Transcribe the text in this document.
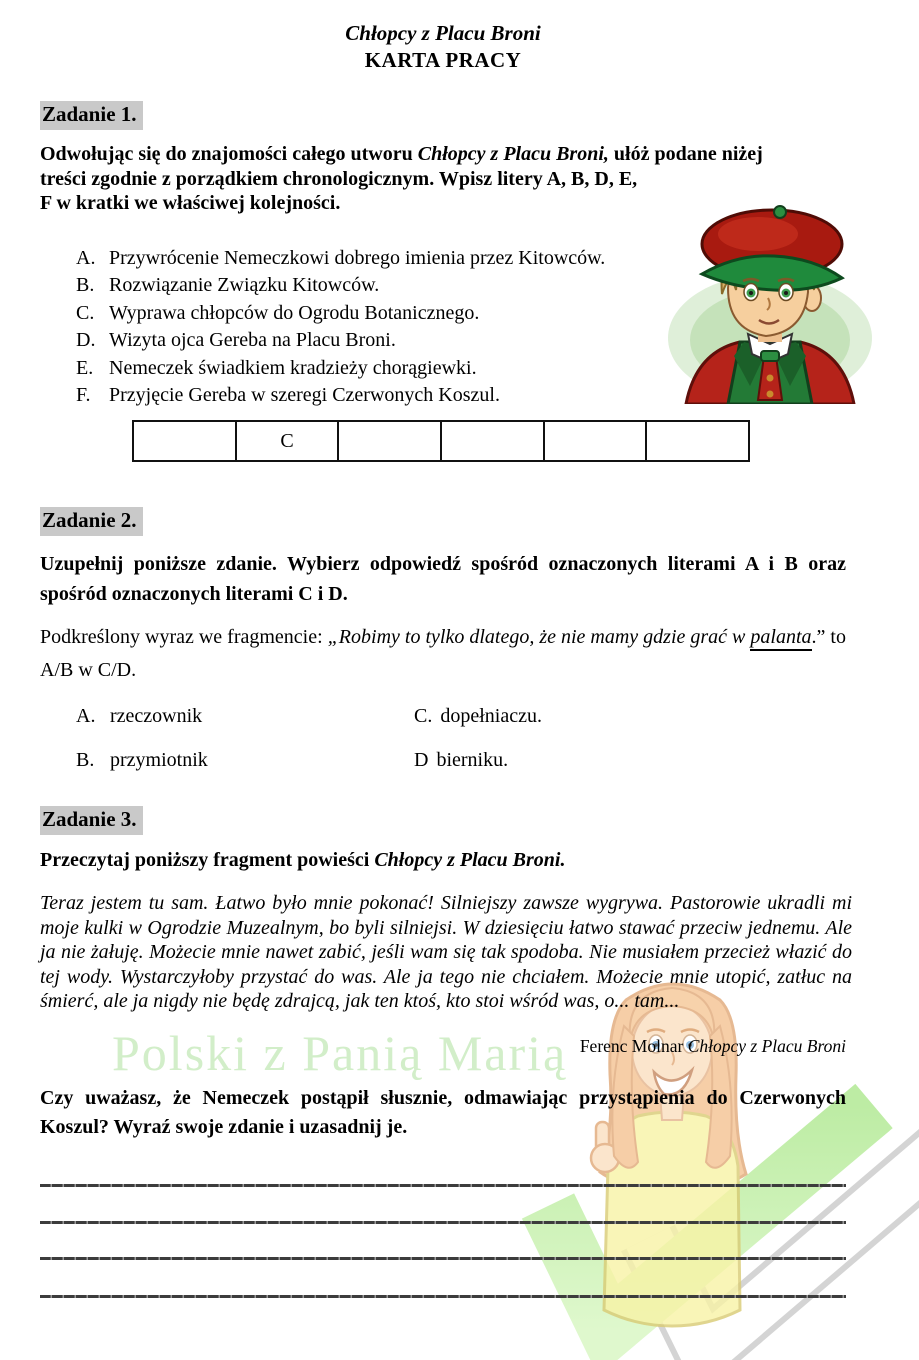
Polski z Panią Marią
Chłopcy z Placu Broni
KARTA PRACY
Zadanie 1.
Odwołując się do znajomości całego utworu Chłopcy z Placu Broni, ułóż podane niżej
treści zgodnie z porządkiem chronologicznym. Wpisz litery A, B, D, E, F w kratki we właściwej kolejności.
A. Przywrócenie Nemeczkowi dobrego imienia przez Kitowców.
B. Rozwiązanie Związku Kitowców.
C. Wyprawa chłopców do Ogrodu Botanicznego.
D. Wizyta ojca Gereba na Placu Broni.
E. Nemeczek świadkiem kradzieży chorągiewki.
F. Przyjęcie Gereba w szeregi Czerwonych Koszul.
C
Zadanie 2.
Uzupełnij poniższe zdanie. Wybierz odpowiedź spośród oznaczonych literami A i B oraz spośród oznaczonych literami C i D.
Podkreślony wyraz we fragmencie: „Robimy to tylko dlatego, że nie mamy gdzie grać w palanta.” to A/B w C/D.
A. rzeczownik	C. dopełniaczu.
B. przymiotnik	D bierniku.
Zadanie 3.
Przeczytaj poniższy fragment powieści Chłopcy z Placu Broni.
Teraz jestem tu sam. Łatwo było mnie pokonać! Silniejszy zawsze wygrywa. Pastorowie ukradli mi moje kulki w Ogrodzie Muzealnym, bo byli silniejsi. W dziesięciu łatwo stawać przeciw jednemu. Ale ja nie żałuję. Możecie mnie nawet zabić, jeśli wam się tak spodoba. Nie musiałem przecież włazić do tej wody. Wystarczyłoby przystać do was. Ale ja tego nie chciałem. Możecie mnie utopić, zatłuc na śmierć, ale ja nigdy nie będę zdrajcą, jak ten ktoś, kto stoi wśród was, o... tam...
Ferenc Molnar Chłopcy z Placu Broni
Czy uważasz, że Nemeczek postąpił słusznie, odmawiając przystąpienia do Czerwonych Koszul? Wyraź swoje zdanie i uzasadnij je.
